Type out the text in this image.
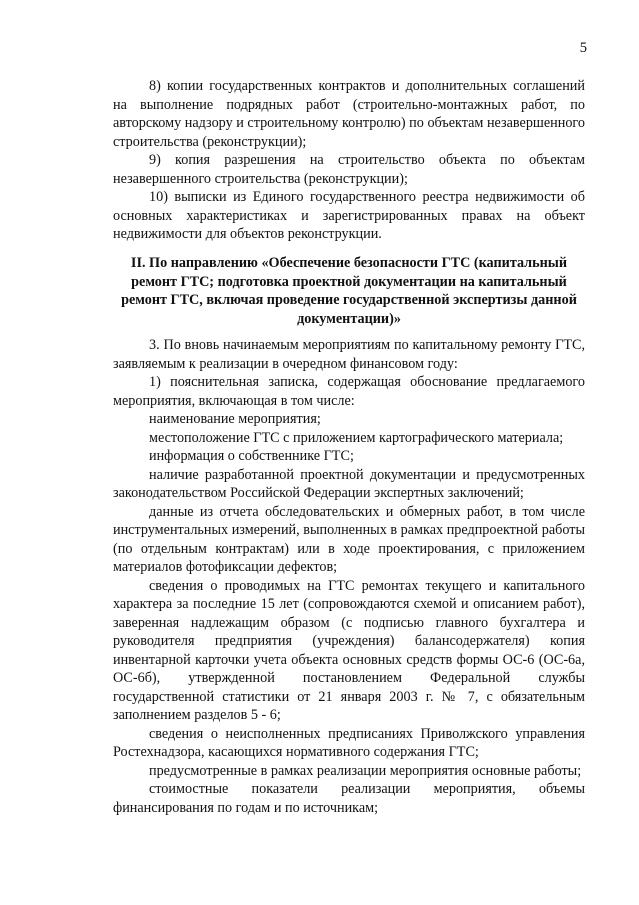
5

8) копии государственных контрактов и дополнительных соглашений на выполнение подрядных работ (строительно-монтажных работ, по авторскому надзору и строительному контролю) по объектам незавершенного строительства (реконструкции);

9) копия разрешения на строительство объекта по объектам незавершенного строительства (реконструкции);

10) выписки из Единого государственного реестра недвижимости об основных характеристиках и зарегистрированных правах на объект недвижимости для объектов реконструкции.

II. По направлению «Обеспечение безопасности ГТС (капитальный ремонт ГТС; подготовка проектной документации на капитальный ремонт ГТС, включая проведение государственной экспертизы данной документации)»

3. По вновь начинаемым мероприятиям по капитальному ремонту ГТС, заявляемым к реализации в очередном финансовом году:

1) пояснительная записка, содержащая обоснование предлагаемого мероприятия, включающая в том числе:

наименование мероприятия;

местоположение ГТС с приложением картографического материала;

информация о собственнике ГТС;

наличие разработанной проектной документации и предусмотренных законодательством Российской Федерации экспертных заключений;

данные из отчета обследовательских и обмерных работ, в том числе инструментальных измерений, выполненных в рамках предпроектной работы (по отдельным контрактам) или в ходе проектирования, с приложением материалов фотофиксации дефектов;

сведения о проводимых на ГТС ремонтах текущего и капитального характера за последние 15 лет (сопровождаются схемой и описанием работ), заверенная надлежащим образом (с подписью главного бухгалтера и руководителя предприятия (учреждения) балансодержателя) копия инвентарной карточки учета объекта основных средств формы ОС-6 (ОС-6а, ОС-6б), утвержденной постановлением Федеральной службы государственной статистики от 21 января 2003 г. № 7, с обязательным заполнением разделов 5 - 6;

сведения о неисполненных предписаниях Приволжского управления Ростехнадзора, касающихся нормативного содержания ГТС;

предусмотренные в рамках реализации мероприятия основные работы;

стоимостные показатели реализации мероприятия, объемы финансирования по годам и по источникам;
